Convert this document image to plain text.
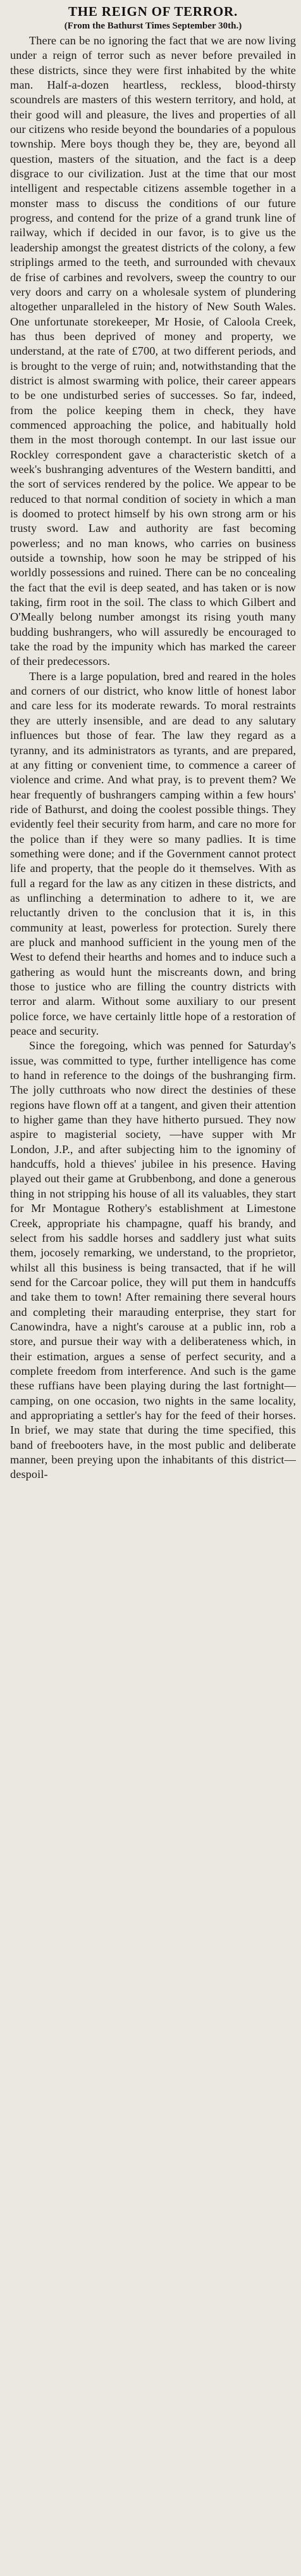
THE REIGN OF TERROR.

(From the Bathurst Times September 30th.)

There can be no ignoring the fact that we are now living under a reign of terror such as never before prevailed in these districts, since they were first inhabited by the white man. Half-a-dozen heartless, reckless, blood-thirsty scoundrels are masters of this western territory, and hold, at their good will and pleasure, the lives and properties of all our citizens who reside beyond the boundaries of a populous township. Mere boys though they be, they are, beyond all question, masters of the situation, and the fact is a deep disgrace to our civilization. Just at the time that our most intelligent and respectable citizens assemble together in a monster mass to discuss the conditions of our future progress, and contend for the prize of a grand trunk line of railway, which if decided in our favor, is to give us the leadership amongst the greatest districts of the colony, a few striplings armed to the teeth, and surrounded with chevaux de frise of carbines and revolvers, sweep the country to our very doors and carry on a wholesale system of plundering altogether unparalleled in the history of New South Wales. One unfortunate storekeeper, Mr Hosie, of Caloola Creek, has thus been deprived of money and property, we understand, at the rate of £700, at two different periods, and is brought to the verge of ruin; and, notwithstanding that the district is almost swarming with police, their career appears to be one undisturbed series of successes. So far, indeed, from the police keeping them in check, they have commenced approaching the police, and habitually hold them in the most thorough contempt. In our last issue our Rockley correspondent gave a characteristic sketch of a week's bushranging adventures of the Western banditti, and the sort of services rendered by the police. We appear to be reduced to that normal condition of society in which a man is doomed to protect himself by his own strong arm or his trusty sword. Law and authority are fast becoming powerless; and no man knows, who carries on business outside a township, how soon he may be stripped of his worldly possessions and ruined. There can be no concealing the fact that the evil is deep seated, and has taken or is now taking, firm root in the soil. The class to which Gilbert and O'Meally belong number amongst its rising youth many budding bushrangers, who will assuredly be encouraged to take the road by the impunity which has marked the career of their predecessors.

There is a large population, bred and reared in the holes and corners of our district, who know little of honest labor and care less for its moderate rewards. To moral restraints they are utterly insensible, and are dead to any salutary influences but those of fear. The law they regard as a tyranny, and its administrators as tyrants, and are prepared, at any fitting or convenient time, to commence a career of violence and crime. And what pray, is to prevent them? We hear frequently of bushrangers camping within a few hours' ride of Bathurst, and doing the coolest possible things. They evidently feel their security from harm, and care no more for the police than if they were so many padlies. It is time something were done; and if the Government cannot protect life and property, that the people do it themselves. With as full a regard for the law as any citizen in these districts, and as unflinching a determination to adhere to it, we are reluctantly driven to the conclusion that it is, in this community at least, powerless for protection. Surely there are pluck and manhood sufficient in the young men of the West to defend their hearths and homes and to induce such a gathering as would hunt the miscreants down, and bring those to justice who are filling the country districts with terror and alarm. Without some auxiliary to our present police force, we have certainly little hope of a restoration of peace and security.

Since the foregoing, which was penned for Saturday's issue, was committed to type, further intelligence has come to hand in reference to the doings of the bushranging firm. The jolly cutthroats who now direct the destinies of these regions have flown off at a tangent, and given their attention to higher game than they have hitherto pursued. They now aspire to magisterial society, —have supper with Mr London, J.P., and after subjecting him to the ignominy of handcuffs, hold a thieves' jubilee in his presence. Having played out their game at Grubbenbong, and done a generous thing in not stripping his house of all its valuables, they start for Mr Montague Rothery's establishment at Limestone Creek, appropriate his champagne, quaff his brandy, and select from his saddle horses and saddlery just what suits them, jocosely remarking, we understand, to the proprietor, whilst all this business is being transacted, that if he will send for the Carcoar police, they will put them in handcuffs and take them to town! After remaining there several hours and completing their marauding enterprise, they start for Canowindra, have a night's carouse at a public inn, rob a store, and pursue their way with a deliberateness which, in their estimation, argues a sense of perfect security, and a complete freedom from interference. And such is the game these ruffians have been playing during the last fortnight—camping, on one occasion, two nights in the same locality, and appropriating a settler's hay for the feed of their horses. In brief, we may state that during the time specified, this band of freebooters have, in the most public and deliberate manner, been preying upon the inhabitants of this district—despoil-
